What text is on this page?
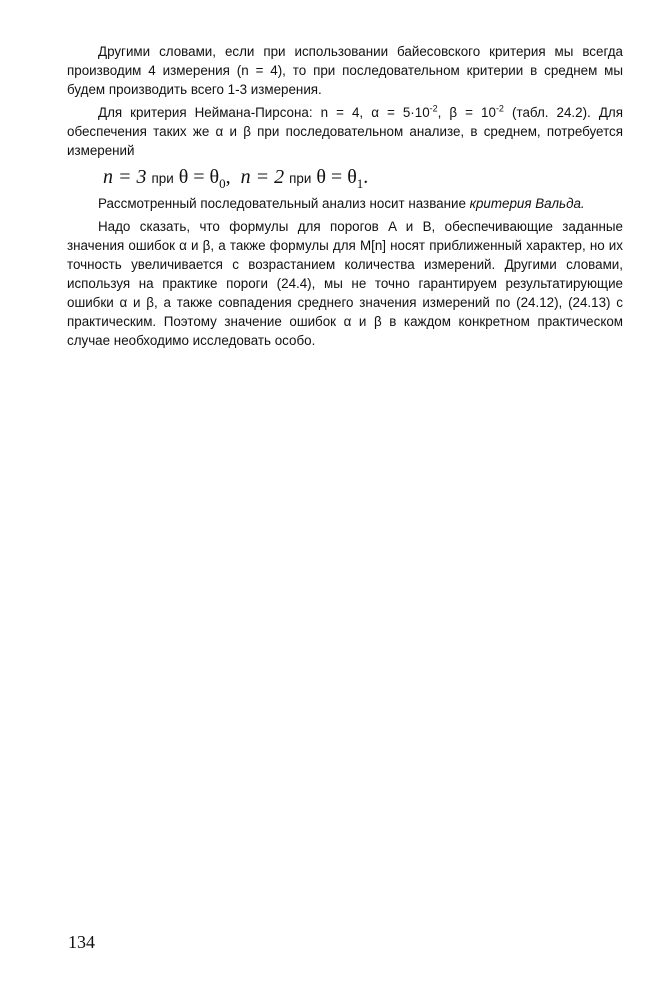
Другими словами, если при использовании байесовского критерия мы всегда производим 4 измерения (n = 4), то при последовательном критерии в среднем мы будем производить всего 1-3 измерения.

Для критерия Неймана-Пирсона: n = 4, $\alpha = 5\cdot 10^{-2}$, $\beta = 10^{-2}$ (табл. 24.2). Для обеспечения таких же α и β при последовательном анализе, в среднем, потребуется измерений

n = 3 при $\theta = \theta_0$, n = 2 при $\theta = \theta_1$.

Рассмотренный последовательный анализ носит название критерия Вальда.

Надо сказать, что формулы для порогов A и B, обеспечивающие заданные значения ошибок α и β, а также формулы для M[n] носят приближенный характер, но их точность увеличивается с возрастанием количества измерений. Другими словами, используя на практике пороги (24.4), мы не точно гарантируем результатирующие ошибки α и β, а также совпадения среднего значения измерений по (24.12), (24.13) с практическим. Поэтому значение ошибок α и β в каждом конкретном практическом случае необходимо исследовать особо.

134
